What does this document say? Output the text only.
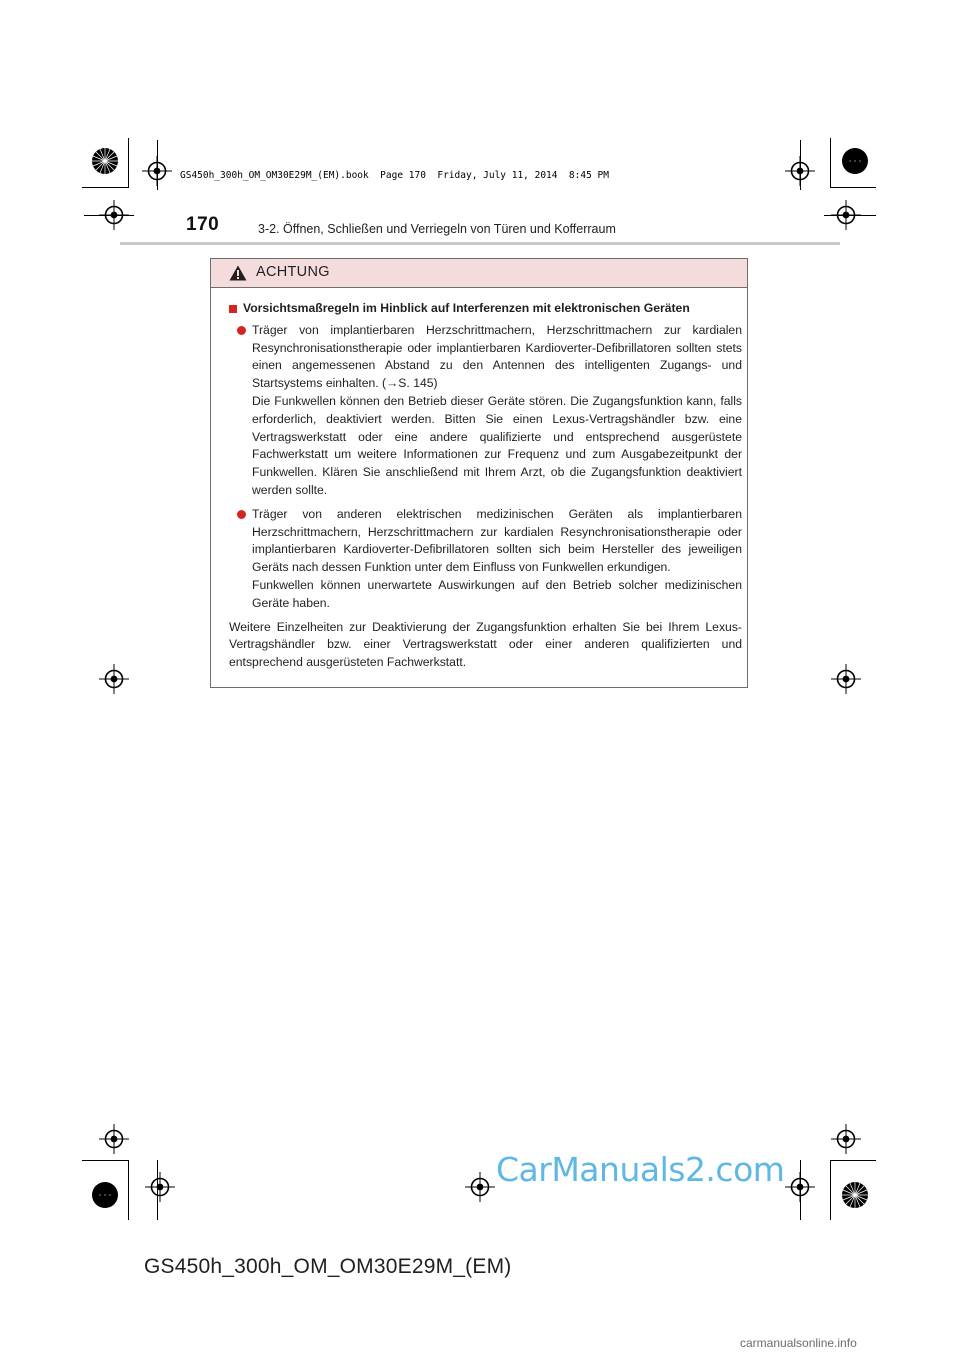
GS450h_300h_OM_OM30E29M_(EM).book  Page 170  Friday, July 11, 2014  8:45 PM
170	3-2. Öffnen, Schließen und Verriegeln von Türen und Kofferraum
ACHTUNG
Vorsichtsmaßregeln im Hinblick auf Interferenzen mit elektronischen Geräten

Träger von implantierbaren Herzschrittmachern, Herzschrittmachern zur kardialen Resynchronisationstherapie oder implantierbaren Kardioverter-Defibrillatoren sollten stets einen angemessenen Abstand zu den Antennen des intelligenten Zugangs- und Startsystems einhalten. (→S. 145)

Die Funkwellen können den Betrieb dieser Geräte stören. Die Zugangsfunktion kann, falls erforderlich, deaktiviert werden. Bitten Sie einen Lexus-Vertragshändler bzw. eine Vertragswerkstatt oder eine andere qualifizierte und entsprechend ausgerüstete Fachwerkstatt um weitere Informationen zur Frequenz und zum Ausgabezeitpunkt der Funkwellen. Klären Sie anschließend mit Ihrem Arzt, ob die Zugangsfunktion deaktiviert werden sollte.

Träger von anderen elektrischen medizinischen Geräten als implantierbaren Herzschrittmachern, Herzschrittmachern zur kardialen Resynchronisationstherapie oder implantierbaren Kardioverter-Defibrillatoren sollten sich beim Hersteller des jeweiligen Geräts nach dessen Funktion unter dem Einfluss von Funkwellen erkundigen.

Funkwellen können unerwartete Auswirkungen auf den Betrieb solcher medizinischen Geräte haben.

Weitere Einzelheiten zur Deaktivierung der Zugangsfunktion erhalten Sie bei Ihrem Lexus-Vertragshändler bzw. einer Vertragswerkstatt oder einer anderen qualifizierten und entsprechend ausgerüsteten Fachwerkstatt.
CarManuals2.com
GS450h_300h_OM_OM30E29M_(EM)
carmanualsonline.info
